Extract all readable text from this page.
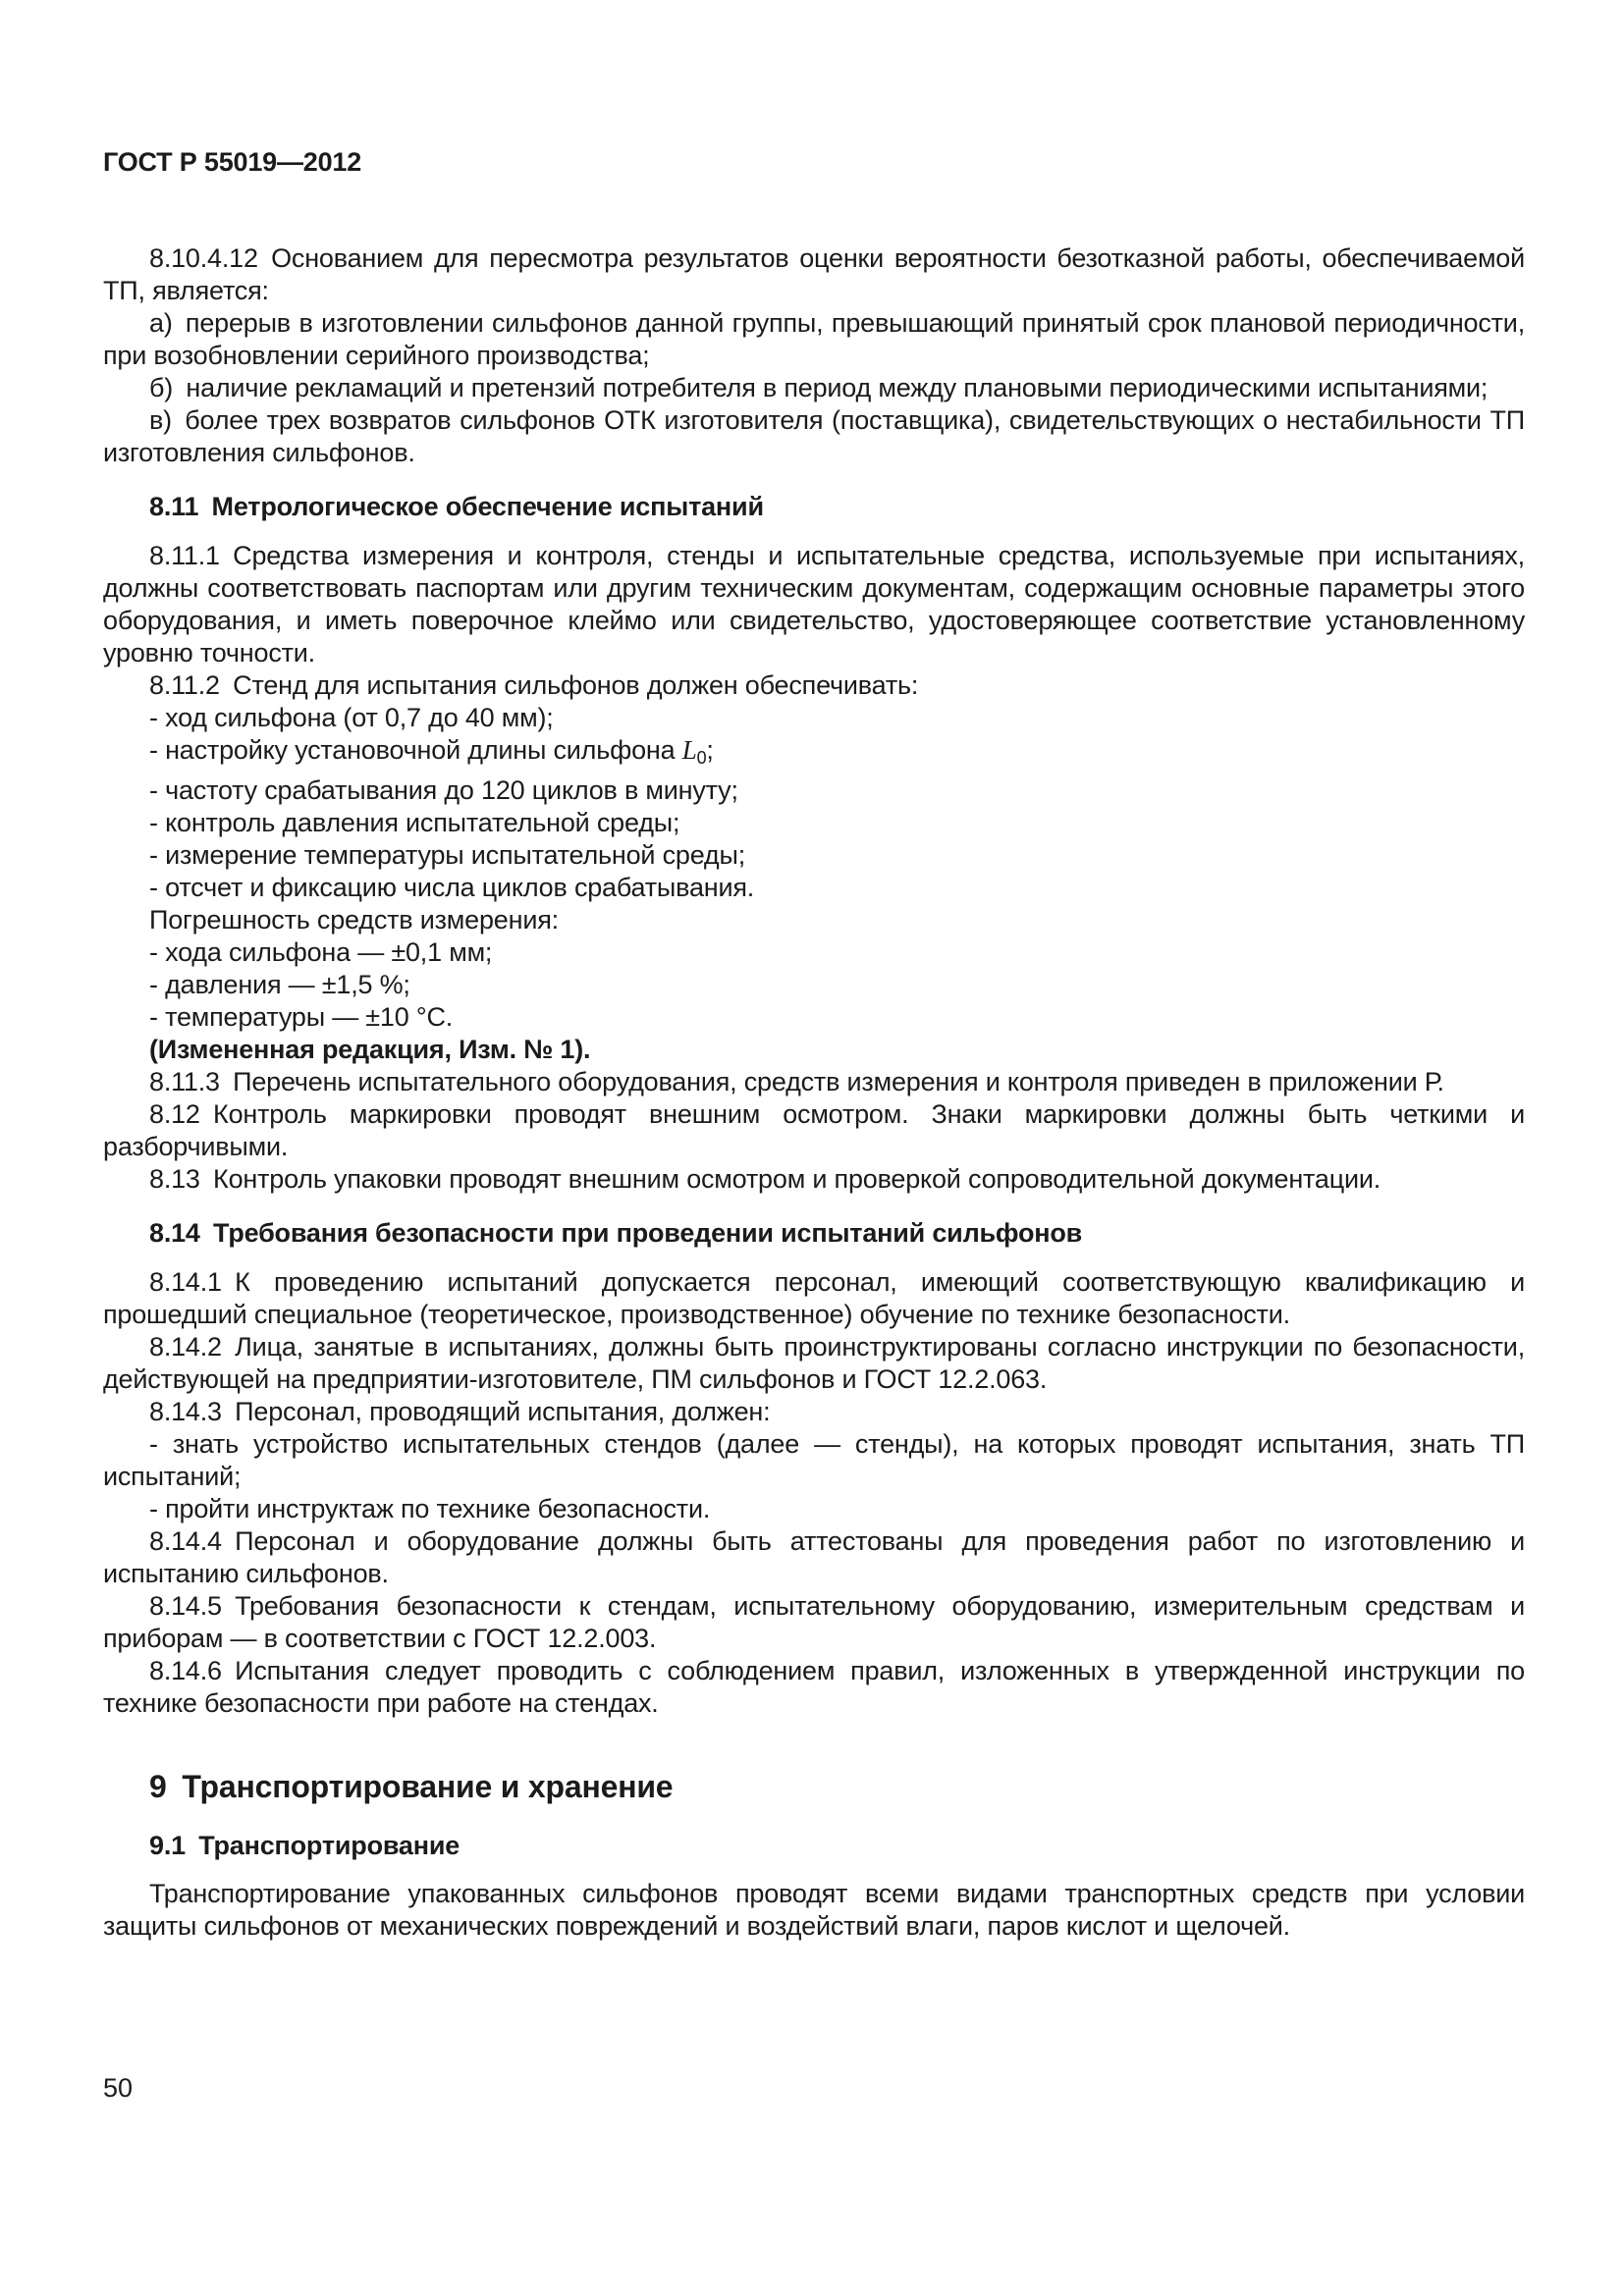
ГОСТ Р 55019—2012

8.10.4.12 Основанием для пересмотра результатов оценки вероятности безотказной работы, обеспечиваемой ТП, является:

а) перерыв в изготовлении сильфонов данной группы, превышающий принятый срок плановой периодичности, при возобновлении серийного производства;

б) наличие рекламаций и претензий потребителя в период между плановыми периодическими испытаниями;

в) более трех возвратов сильфонов ОТК изготовителя (поставщика), свидетельствующих о нестабильности ТП изготовления сильфонов.

8.11 Метрологическое обеспечение испытаний

8.11.1 Средства измерения и контроля, стенды и испытательные средства, используемые при испытаниях, должны соответствовать паспортам или другим техническим документам, содержащим основные параметры этого оборудования, и иметь поверочное клеймо или свидетельство, удостоверяющее соответствие установленному уровню точности.

8.11.2 Стенд для испытания сильфонов должен обеспечивать:

- ход сильфона (от 0,7 до 40 мм);

- настройку установочной длины сильфона $L_0$;

- частоту срабатывания до 120 циклов в минуту;

- контроль давления испытательной среды;

- измерение температуры испытательной среды;

- отсчет и фиксацию числа циклов срабатывания.

Погрешность средств измерения:

- хода сильфона — ±0,1 мм;

- давления — ±1,5 %;

- температуры — ±10 °С.

(Измененная редакция, Изм. № 1).

8.11.3 Перечень испытательного оборудования, средств измерения и контроля приведен в приложении Р.

8.12 Контроль маркировки проводят внешним осмотром. Знаки маркировки должны быть четкими и разборчивыми.

8.13 Контроль упаковки проводят внешним осмотром и проверкой сопроводительной документации.

8.14 Требования безопасности при проведении испытаний сильфонов

8.14.1 К проведению испытаний допускается персонал, имеющий соответствующую квалификацию и прошедший специальное (теоретическое, производственное) обучение по технике безопасности.

8.14.2 Лица, занятые в испытаниях, должны быть проинструктированы согласно инструкции по безопасности, действующей на предприятии-изготовителе, ПМ сильфонов и ГОСТ 12.2.063.

8.14.3 Персонал, проводящий испытания, должен:

- знать устройство испытательных стендов (далее — стенды), на которых проводят испытания, знать ТП испытаний;

- пройти инструктаж по технике безопасности.

8.14.4 Персонал и оборудование должны быть аттестованы для проведения работ по изготовлению и испытанию сильфонов.

8.14.5 Требования безопасности к стендам, испытательному оборудованию, измерительным средствам и приборам — в соответствии с ГОСТ 12.2.003.

8.14.6 Испытания следует проводить с соблюдением правил, изложенных в утвержденной инструкции по технике безопасности при работе на стендах.

9 Транспортирование и хранение

9.1 Транспортирование

Транспортирование упакованных сильфонов проводят всеми видами транспортных средств при условии защиты сильфонов от механических повреждений и воздействий влаги, паров кислот и щелочей.

50
